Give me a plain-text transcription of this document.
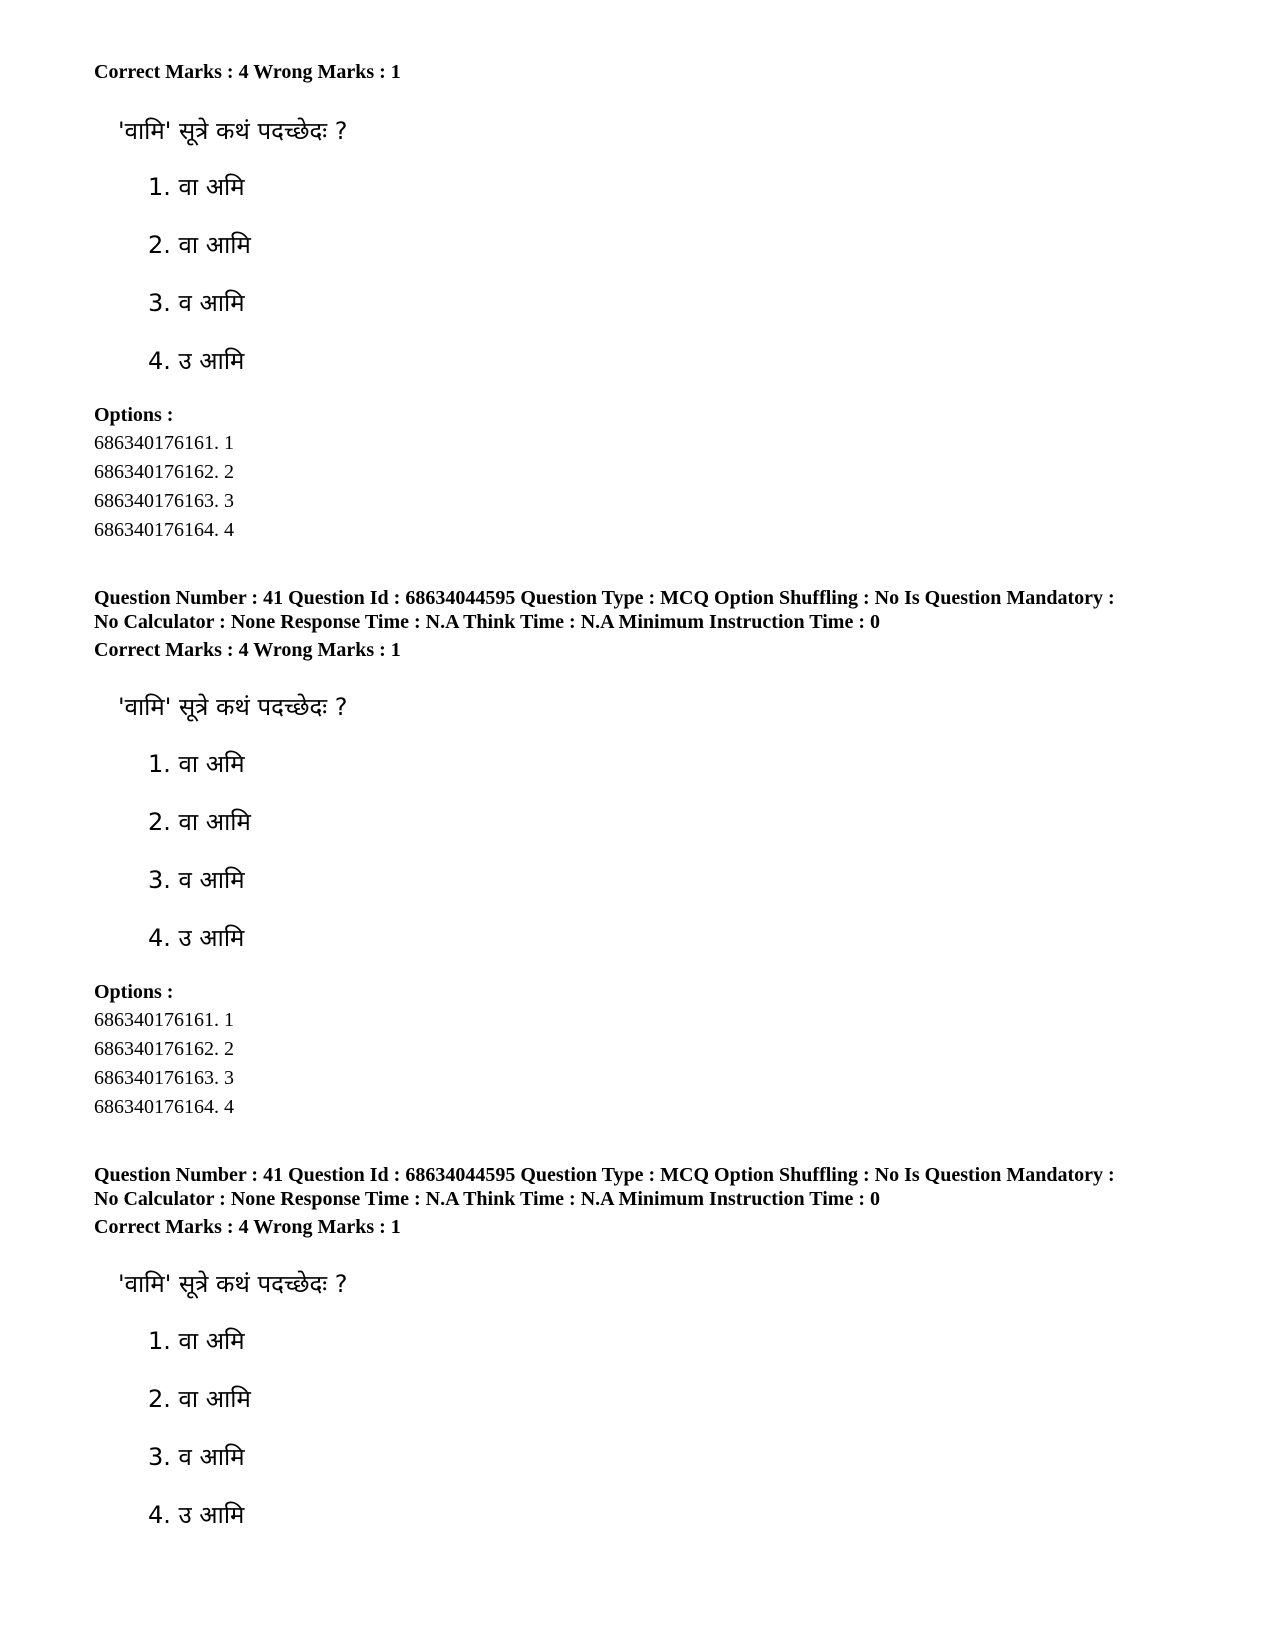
Correct Marks : 4 Wrong Marks : 1
'वामि' सूत्रे कथं पदच्छेदः ?
1. वा अमि
2. वा आमि
3. व आमि
4. उ आमि
Options :
686340176161. 1
686340176162. 2
686340176163. 3
686340176164. 4
Question Number : 41 Question Id : 68634044595 Question Type : MCQ Option Shuffling : No Is Question Mandatory :
No Calculator : None Response Time : N.A Think Time : N.A Minimum Instruction Time : 0
Correct Marks : 4 Wrong Marks : 1
'वामि' सूत्रे कथं पदच्छेदः ?
1. वा अमि
2. वा आमि
3. व आमि
4. उ आमि
Options :
686340176161. 1
686340176162. 2
686340176163. 3
686340176164. 4
Question Number : 41 Question Id : 68634044595 Question Type : MCQ Option Shuffling : No Is Question Mandatory :
No Calculator : None Response Time : N.A Think Time : N.A Minimum Instruction Time : 0
Correct Marks : 4 Wrong Marks : 1
'वामि' सूत्रे कथं पदच्छेदः ?
1. वा अमि
2. वा आमि
3. व आमि
4. उ आमि
